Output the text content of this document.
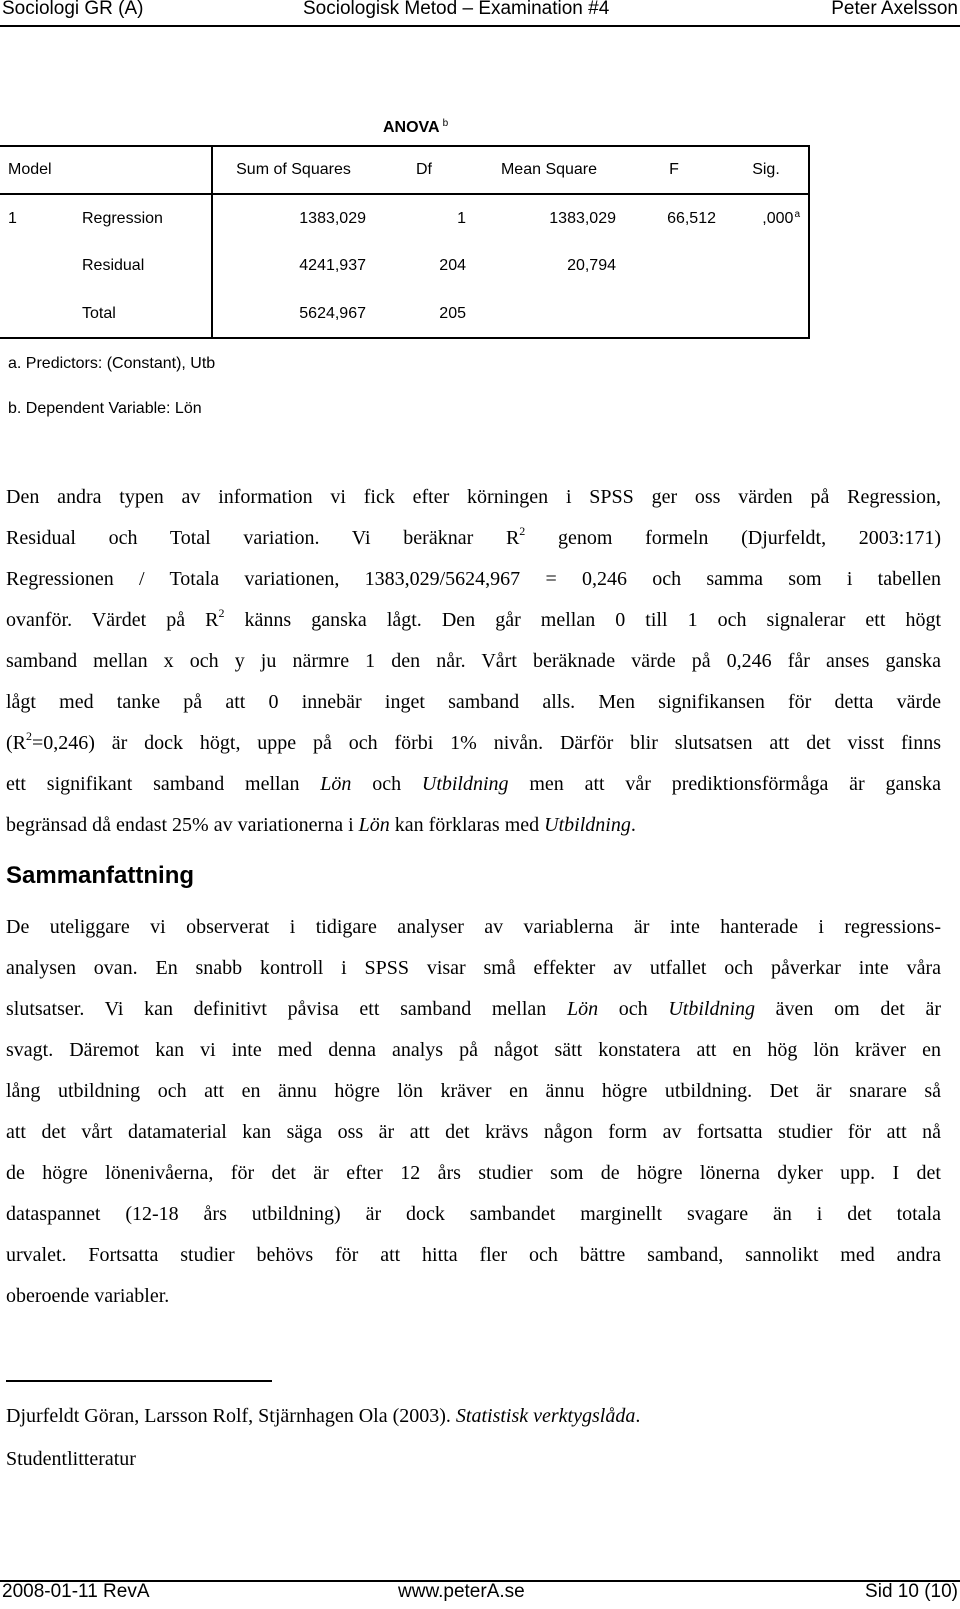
Sociologi GR (A)	Sociologisk Metod – Examination #4	Peter Axelsson
ANOVA $^b$
Model	Sum of Squares	Df	Mean Square	F	Sig.
1 Regression	1383,029	1	1383,029	66,512	,000$^a$
Residual	4241,937	204	20,794		
Total	5624,967	205			
a. Predictors: (Constant), Utb
b. Dependent Variable: Lön
Den andra typen av information vi fick efter körningen i SPSS ger oss värden på Regression,
Residual och Total variation. Vi beräknar $R^2$ genom formeln (Djurfeldt, 2003:171)
Regressionen / Totala variationen, 1383,029/5624,967 = 0,246 och samma som i tabellen
ovanför. Värdet på $R^2$ känns ganska lågt. Den går mellan 0 till 1 och signalerar ett högt
samband mellan x och y ju närmre 1 den når. Vårt beräknade värde på 0,246 får anses ganska
lågt med tanke på att 0 innebär inget samband alls. Men signifikansen för detta värde
$(R^2=0,246)$ är dock högt, uppe på och förbi 1% nivån. Därför blir slutsatsen att det visst finns
ett signifikant samband mellan Lön och Utbildning men att vår prediktionsförmåga är ganska
begränsad då endast 25% av variationerna i Lön kan förklaras med Utbildning.
Sammanfattning
De uteliggare vi observerat i tidigare analyser av variablerna är inte hanterade i regressions-
analysen ovan. En snabb kontroll i SPSS visar små effekter av utfallet och påverkar inte våra
slutsatser. Vi kan definitivt påvisa ett samband mellan Lön och Utbildning även om det är
svagt. Däremot kan vi inte med denna analys på något sätt konstatera att en hög lön kräver en
lång utbildning och att en ännu högre lön kräver en ännu högre utbildning. Det är snarare så
att det vårt datamaterial kan säga oss är att det krävs någon form av fortsatta studier för att nå
de högre lönenivåerna, för det är efter 12 års studier som de högre lönerna dyker upp. I det
dataspannet (12-18 års utbildning) är dock sambandet marginellt svagare än i det totala
urvalet. Fortsatta studier behövs för att hitta fler och bättre samband, sannolikt med andra
oberoende variabler.
Djurfeldt Göran, Larsson Rolf, Stjärnhagen Ola (2003). Statistisk verktygslåda.
Studentlitteratur
2008-01-11 RevA	www.peterA.se	Sid 10 (10)
